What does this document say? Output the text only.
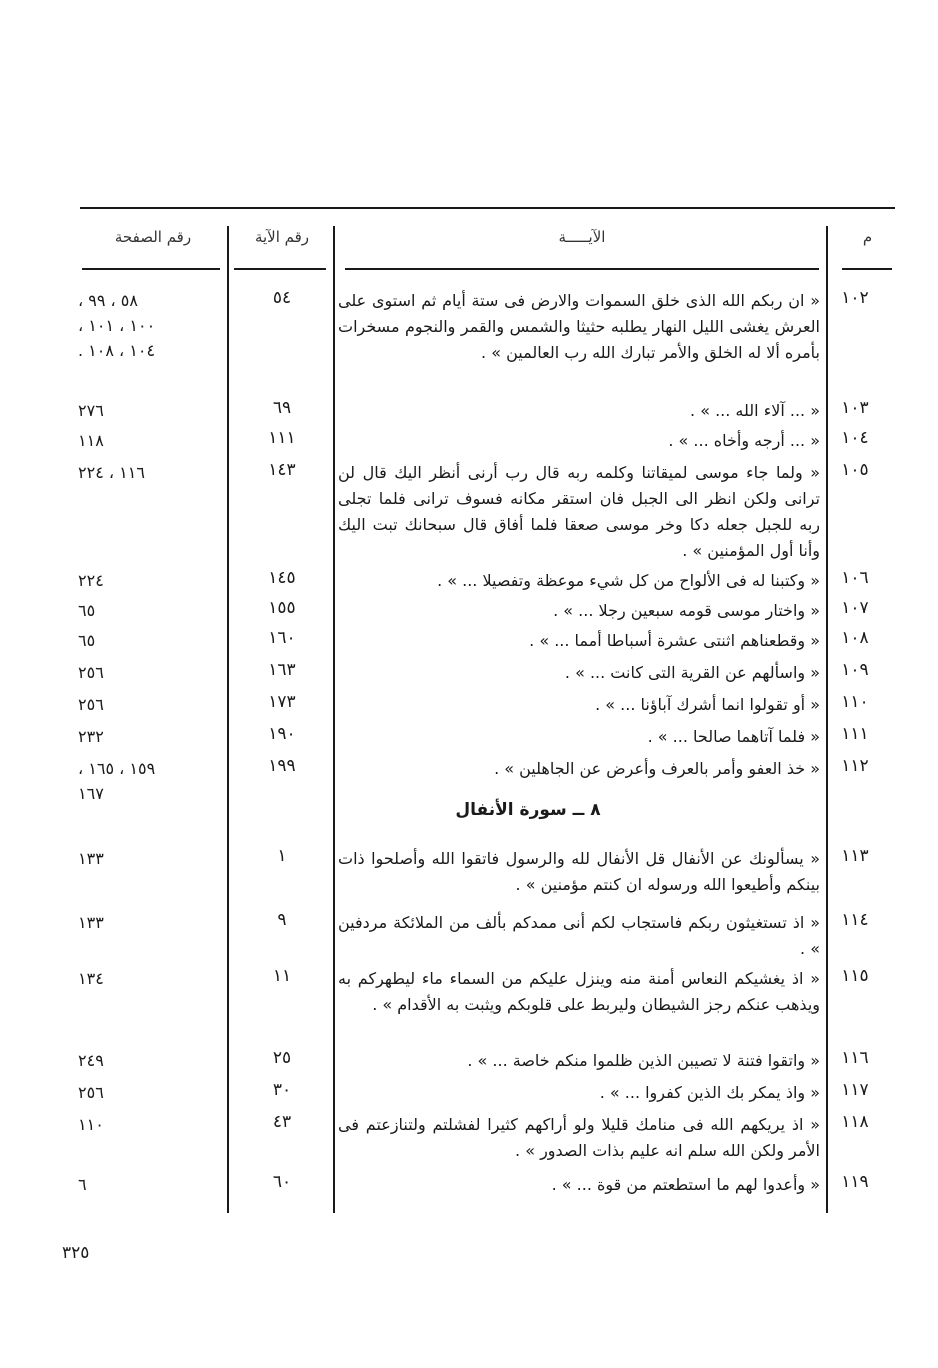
م
الآيـــــة
رقم الآية
رقم الصفحة
٨ ــ سورة الأنفال
١٠٢
« ان ربكم الله الذى خلق السموات والارض فى ستة أيام ثم استوى على العرش يغشى الليل النهار يطلبه حثيثا والشمس والقمر والنجوم مسخرات بأمره ألا له الخلق والأمر تبارك الله رب العالمين » .
٥٤
٥٨ ، ٩٩ ،
١٠٠ ، ١٠١ ،
١٠٤ ، ١٠٨ .
١٠٣
« ... آلاء الله ... » .
٦٩
٢٧٦
١٠٤
« ... أرجه وأخاه ... » .
١١١
١١٨
١٠٥
« ولما جاء موسى لميقاتنا وكلمه ربه قال رب أرنى أنظر اليك قال لن ترانى ولكن انظر الى الجبل فان استقر مكانه فسوف ترانى فلما تجلى ربه للجبل جعله دكا وخر موسى صعقا فلما أفاق قال سبحانك تبت اليك وأنا أول المؤمنين » .
١٤٣
١١٦ ، ٢٢٤
١٠٦
« وكتبنا له فى الألواح من كل شيء موعظة وتفصيلا ... » .
١٤٥
٢٢٤
١٠٧
« واختار موسى قومه سبعين رجلا ... » .
١٥٥
٦٥
١٠٨
« وقطعناهم اثنتى عشرة أسباطا أمما ... » .
١٦٠
٦٥
١٠٩
« واسألهم عن القرية التى كانت ... » .
١٦٣
٢٥٦
١١٠
« أو تقولوا انما أشرك آباؤنا ... » .
١٧٣
٢٥٦
١١١
« فلما آتاهما صالحا ... » .
١٩٠
٢٣٢
١١٢
« خذ العفو وأمر بالعرف وأعرض عن الجاهلين » .
١٩٩
١٥٩ ، ١٦٥ ،
١٦٧
١١٣
« يسألونك عن الأنفال قل الأنفال لله والرسول فاتقوا الله وأصلحوا ذات بينكم وأطيعوا الله ورسوله ان كنتم مؤمنين » .
١
١٣٣
١١٤
« اذ تستغيثون ربكم فاستجاب لكم أنى ممدكم بألف من الملائكة مردفين » .
٩
١٣٣
١١٥
« اذ يغشيكم النعاس أمنة منه وينزل عليكم من السماء ماء ليطهركم به ويذهب عنكم رجز الشيطان وليربط على قلوبكم ويثبت به الأقدام » .
١١
١٣٤
١١٦
« واتقوا فتنة لا تصيبن الذين ظلموا منكم خاصة ... » .
٢٥
٢٤٩
١١٧
« واذ يمكر بك الذين كفروا ... » .
٣٠
٢٥٦
١١٨
« اذ يريكهم الله فى منامك قليلا ولو أراكهم كثيرا لفشلتم ولتنازعتم فى الأمر ولكن الله سلم انه عليم بذات الصدور » .
٤٣
١١٠
١١٩
« وأعدوا لهم ما استطعتم من قوة ... » .
٦٠
٦
٣٢٥
